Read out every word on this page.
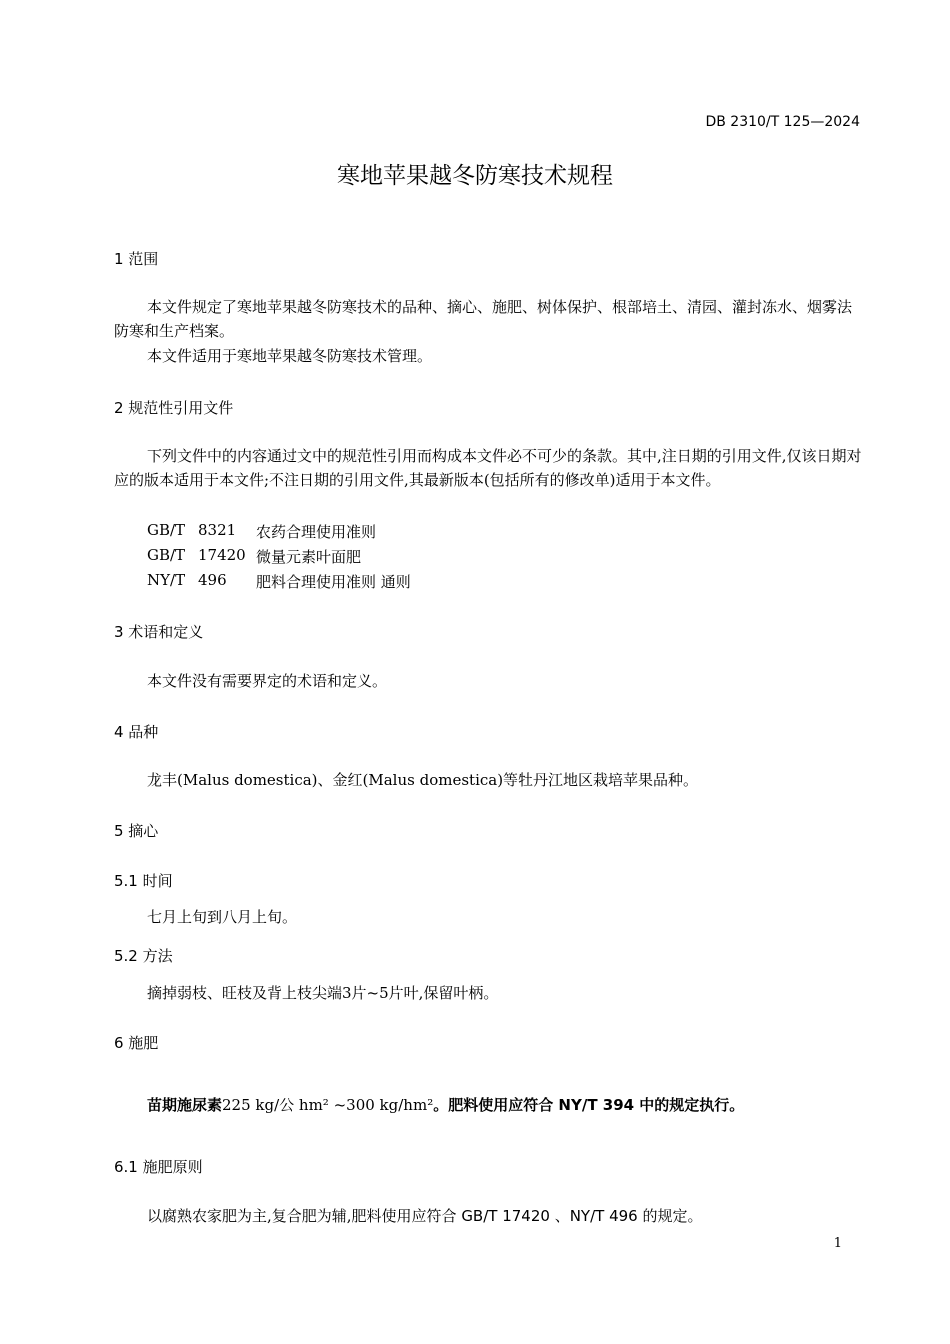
DB 2310/T 125—2024
寒地苹果越冬防寒技术规程
1 范围
本文件规定了寒地苹果越冬防寒技术的品种、摘心、施肥、树体保护、根部培土、清园、灌封冻水、烟雾法防寒和生产档案。
本文件适用于寒地苹果越冬防寒技术管理。
2 规范性引用文件
下列文件中的内容通过文中的规范性引用而构成本文件必不可少的条款。其中,注日期的引用文件,仅该日期对应的版本适用于本文件;不注日期的引用文件,其最新版本(包括所有的修改单)适用于本文件。
GB/T 8321 农药合理使用准则
GB/T 17420 微量元素叶面肥
NY/T 496 肥料合理使用准则 通则
3 术语和定义
本文件没有需要界定的术语和定义。
4 品种
龙丰(Malus domestica)、金红(Malus domestica)等牡丹江地区栽培苹果品种。
5 摘心
5.1 时间
七月上旬到八月上旬。
5.2 方法
摘掉弱枝、旺枝及背上枝尖端3片~5片叶,保留叶柄。
6 施肥
苗期施尿素225 kg/公 hm² ~300 kg/hm²。肥料使用应符合 NY/T 394 中的规定执行。
6.1 施肥原则
以腐熟农家肥为主,复合肥为辅,肥料使用应符合 GB/T 17420 、NY/T 496 的规定。
1
